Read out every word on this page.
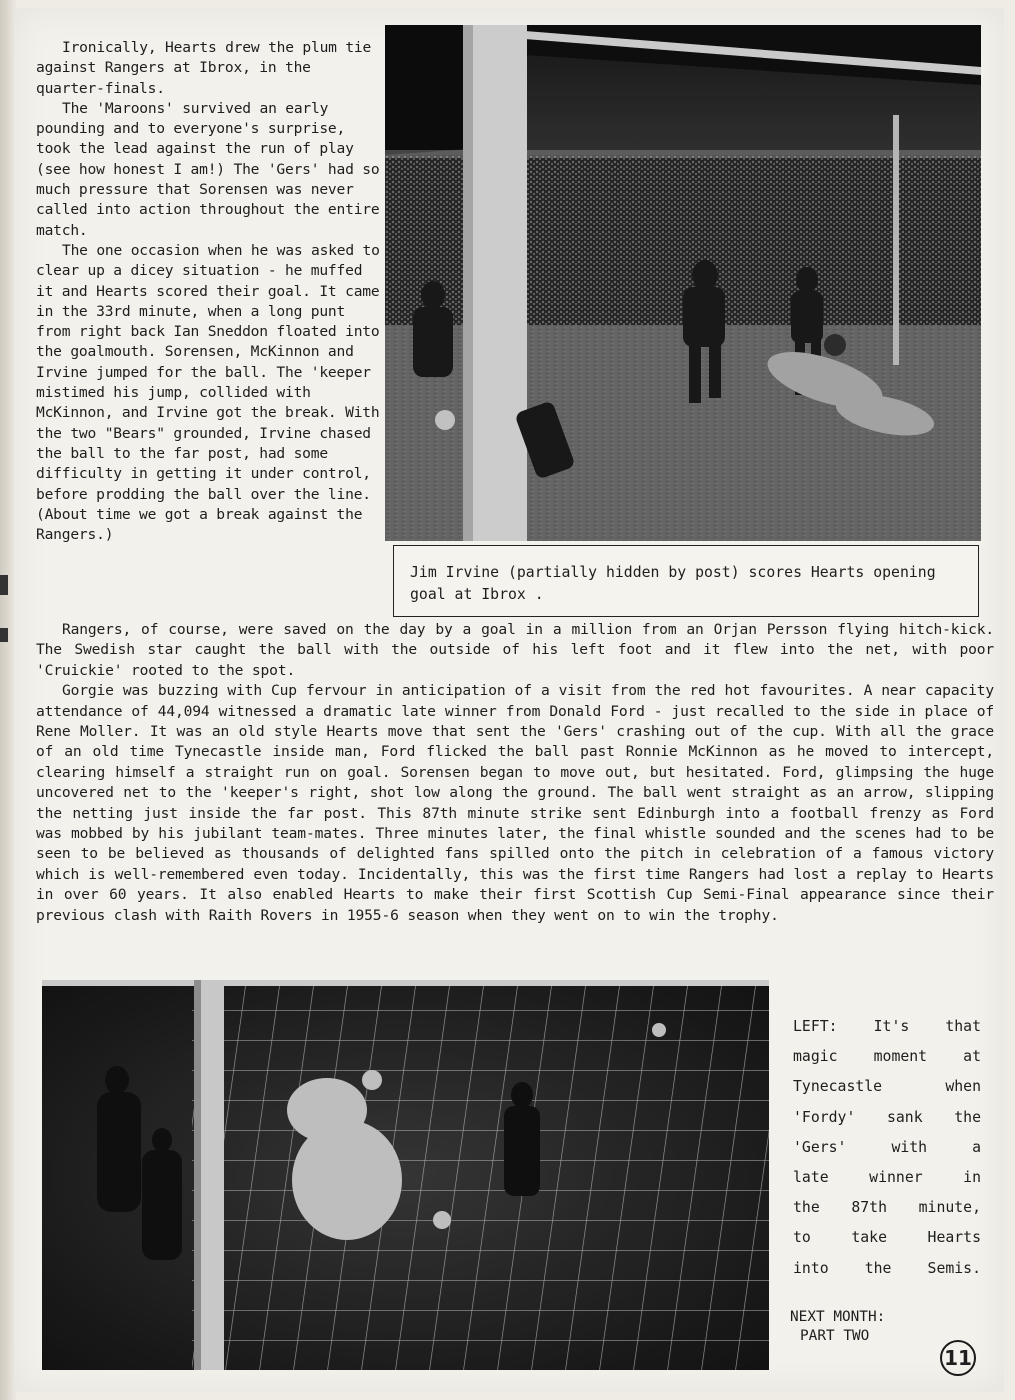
Ironically, Hearts drew the plum tie against Rangers at Ibrox, in the quarter-finals.

The 'Maroons' survived an early pounding and to everyone's surprise, took the lead against the run of play (see how honest I am!) The 'Gers' had so much pressure that Sorensen was never called into action throughout the entire match.

The one occasion when he was asked to clear up a dicey situation - he muffed it and Hearts scored their goal. It came in the 33rd minute, when a long punt from right back Ian Sneddon floated into the goalmouth. Sorensen, McKinnon and Irvine jumped for the ball. The 'keeper mistimed his jump, collided with McKinnon, and Irvine got the break. With the two "Bears" grounded, Irvine chased the ball to the far post, had some difficulty in getting it under control, before prodding the ball over the line. (About time we got a break against the Rangers.)

Jim Irvine (partially hidden by post) scores Hearts opening goal at Ibrox .

Rangers, of course, were saved on the day by a goal in a million from an Orjan Persson flying hitch-kick. The Swedish star caught the ball with the outside of his left foot and it flew into the net, with poor 'Cruickie' rooted to the spot.

Gorgie was buzzing with Cup fervour in anticipation of a visit from the red hot favourites. A near capacity attendance of 44,094 witnessed a dramatic late winner from Donald Ford - just recalled to the side in place of Rene Moller. It was an old style Hearts move that sent the 'Gers' crashing out of the cup. With all the grace of an old time Tynecastle inside man, Ford flicked the ball past Ronnie McKinnon as he moved to intercept, clearing himself a straight run on goal. Sorensen began to move out, but hesitated. Ford, glimpsing the huge uncovered net to the 'keeper's right, shot low along the ground. The ball went straight as an arrow, slipping the netting just inside the far post. This 87th minute strike sent Edinburgh into a football frenzy as Ford was mobbed by his jubilant team-mates. Three minutes later, the final whistle sounded and the scenes had to be seen to be believed as thousands of delighted fans spilled onto the pitch in celebration of a famous victory which is well-remembered even today. Incidentally, this was the first time Rangers had lost a replay to Hearts in over 60 years. It also enabled Hearts to make their first Scottish Cup Semi-Final appearance since their previous clash with Raith Rovers in 1955-6 season when they went on to win the trophy.

LEFT: It's that
magic moment at
Tynecastle when
'Fordy' sank the
'Gers' with a
late winner in
the 87th minute,
to take Hearts
into the Semis.
NEXT MONTH:
PART TWO
11
